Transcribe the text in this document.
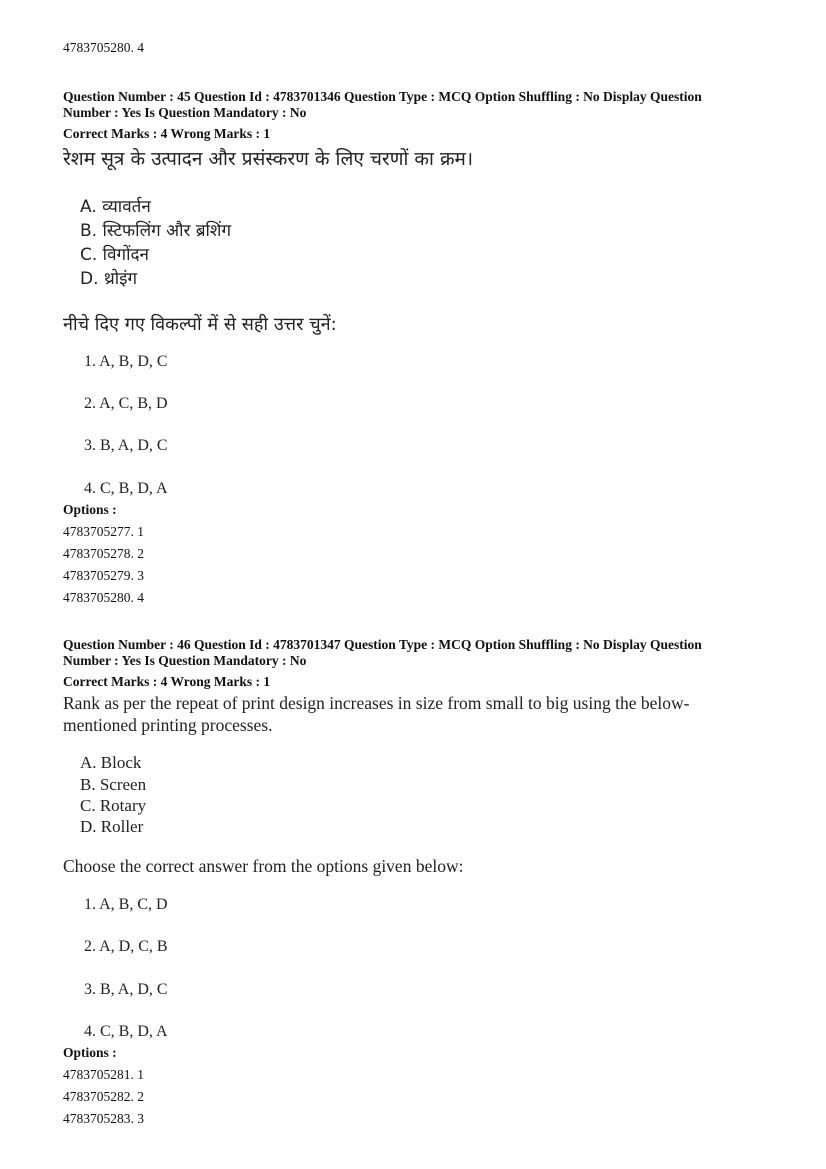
4783705280. 4
Question Number : 45 Question Id : 4783701346 Question Type : MCQ Option Shuffling : No Display Question
Number : Yes Is Question Mandatory : No
Correct Marks : 4 Wrong Marks : 1
रेशम सूत्र के उत्पादन और प्रसंस्करण के लिए चरणों का क्रम।
A. व्यावर्तन
B. स्टिफलिंग और ब्रशिंग
C. विगोंदन
D. थ्रोइंग
नीचे दिए गए विकल्पों में से सही उत्तर चुनें:
1. A, B, D, C
2. A, C, B, D
3. B, A, D, C
4. C, B, D, A
Options :
4783705277. 1
4783705278. 2
4783705279. 3
4783705280. 4
Question Number : 46 Question Id : 4783701347 Question Type : MCQ Option Shuffling : No Display Question
Number : Yes Is Question Mandatory : No
Correct Marks : 4 Wrong Marks : 1
Rank as per the repeat of print design increases in size from small to big using the below-
mentioned printing processes.
A. Block
B. Screen
C. Rotary
D. Roller
Choose the correct answer from the options given below:
1. A, B, C, D
2. A, D, C, B
3. B, A, D, C
4. C, B, D, A
Options :
4783705281. 1
4783705282. 2
4783705283. 3
